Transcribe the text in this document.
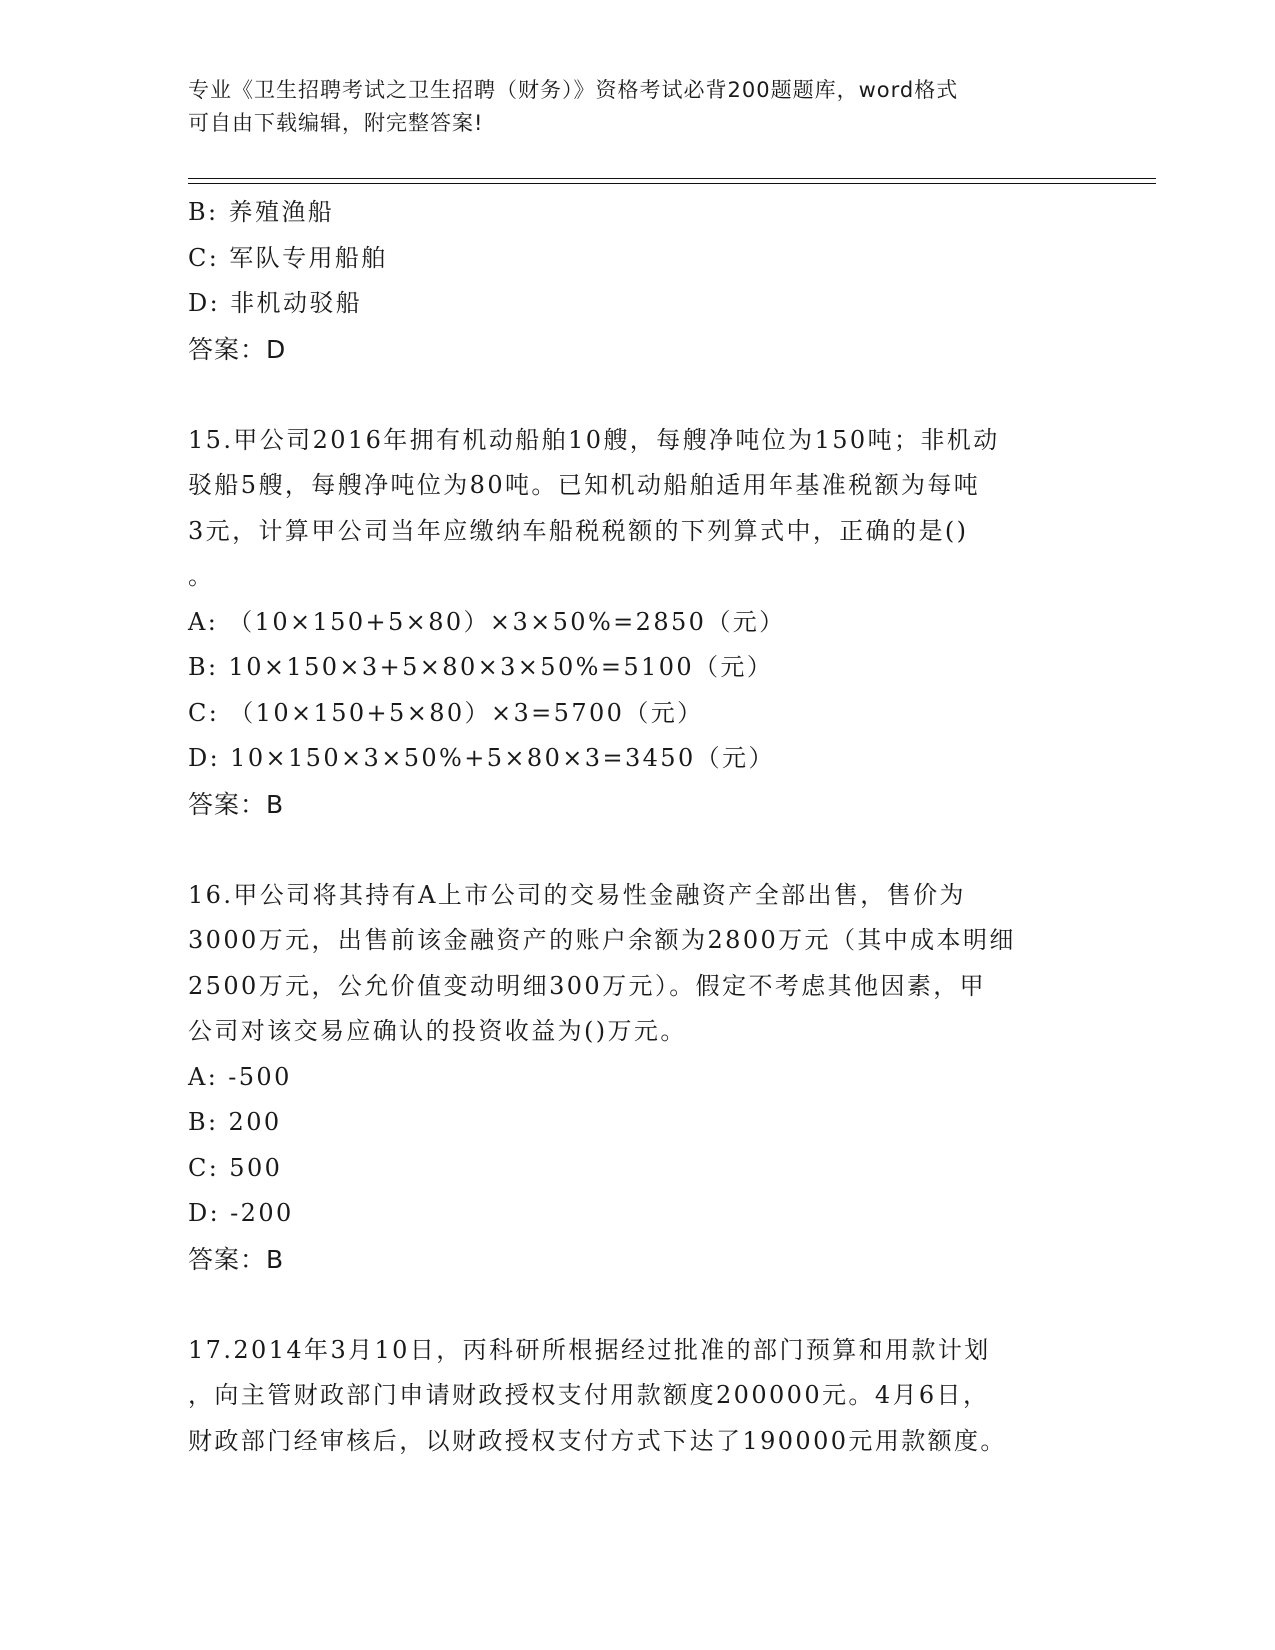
专业《卫生招聘考试之卫生招聘（财务）》资格考试必背200题题库，word格式
可自由下载编辑，附完整答案!
B: 养殖渔船
C: 军队专用船舶
D: 非机动驳船
答案：D
15.甲公司2016年拥有机动船舶10艘，每艘净吨位为150吨；非机动
驳船5艘，每艘净吨位为80吨。已知机动船舶适用年基准税额为每吨
3元，计算甲公司当年应缴纳车船税税额的下列算式中，正确的是()
。
A: （10×150+5×80）×3×50%=2850（元）
B: 10×150×3+5×80×3×50%=5100（元）
C: （10×150+5×80）×3=5700（元）
D: 10×150×3×50%+5×80×3=3450（元）
答案：B
16.甲公司将其持有A上市公司的交易性金融资产全部出售，售价为
3000万元，出售前该金融资产的账户余额为2800万元（其中成本明细
2500万元，公允价值变动明细300万元）。假定不考虑其他因素，甲
公司对该交易应确认的投资收益为()万元。
A: -500
B: 200
C: 500
D: -200
答案：B
17.2014年3月10日，丙科研所根据经过批准的部门预算和用款计划
，向主管财政部门申请财政授权支付用款额度200000元。4月6日，
财政部门经审核后，以财政授权支付方式下达了190000元用款额度。
